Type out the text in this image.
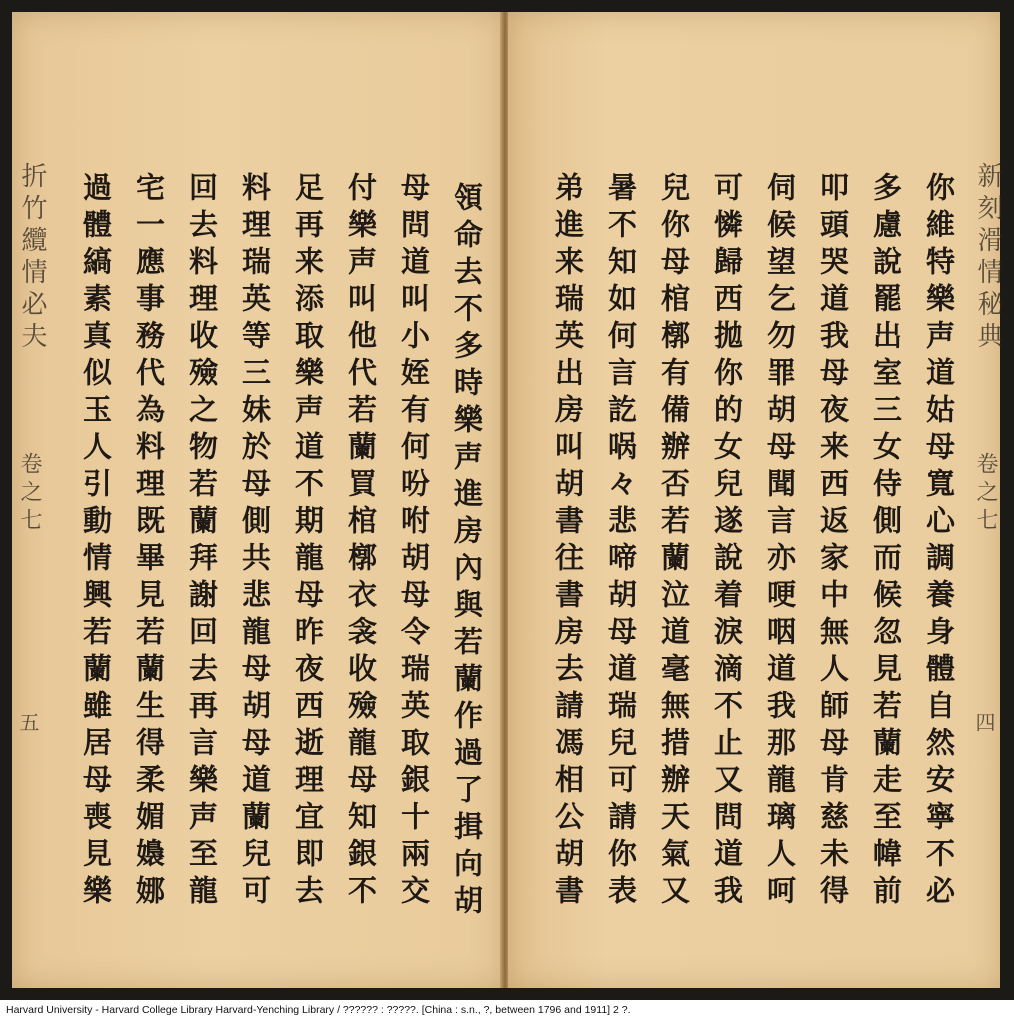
折竹纜情必夫
卷之七
五	領命去不多時樂声進房內與若蘭作過了揖向胡
母問道叫小姪有何吩咐胡母令瑞英取銀十兩交
付樂声叫他代若蘭買棺槨衣衾收殮龍母知銀不
足再来添取樂声道不期龍母昨夜西逝理宜即去
料理瑞英等三妹於母側共悲龍母胡母道蘭兒可
回去料理收殮之物若蘭拜謝回去再言樂声至龍
宅一應事務代為料理既畢見若蘭生得柔媚嬝娜
過體縞素真似玉人引動情興若蘭雖居母喪見樂	新刻滑情秘典
卷之七
四
你維特樂声道姑母寬心調養身體自然安寧不必
多慮說罷出室三女侍側而候忽見若蘭走至幃前
叩頭哭道我母夜来西返家中無人師母肯慈未得
伺候望乞勿罪胡母聞言亦哽咽道我那龍璃人呵
可憐歸西拋你的女兒遂說着淚滴不止又問道我
兒你母棺槨有備辦否若蘭泣道毫無措辦天氣又
暑不知如何言訖㖞々悲啼胡母道瑞兒可請你表
弟進来瑞英出房叫胡書往書房去請馮相公胡書
Harvard University - Harvard College Library Harvard-Yenching Library / ?????? : ?????. [China : s.n., ?, between 1796 and 1911] 2 ?.
